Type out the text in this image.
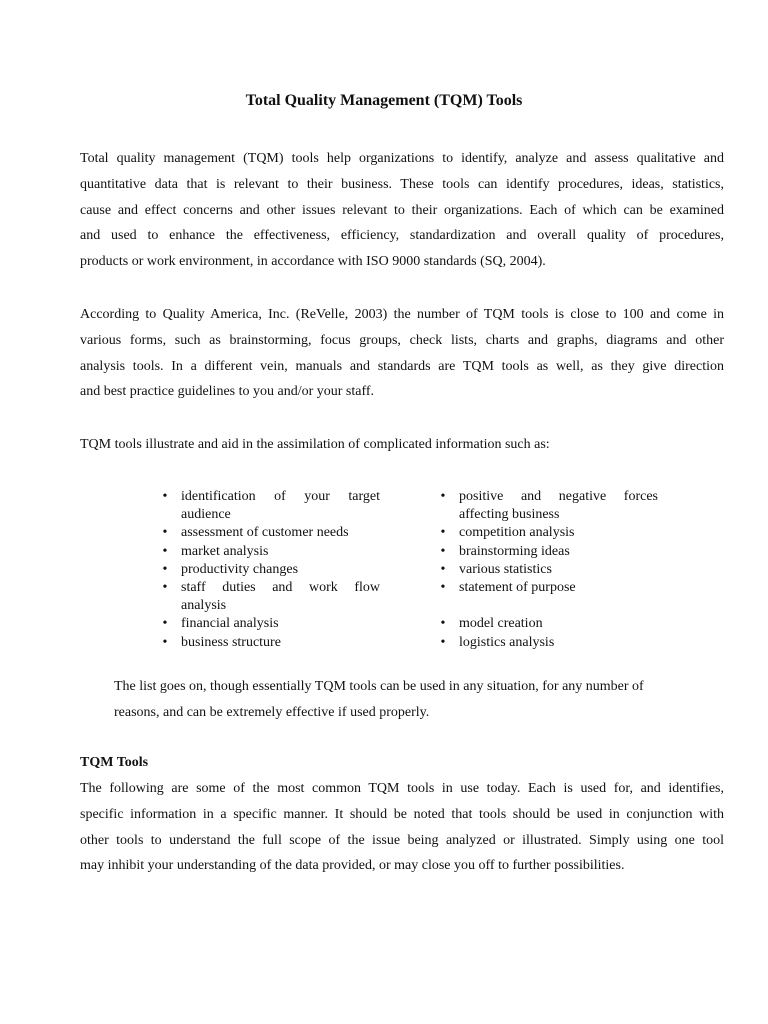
Total Quality Management (TQM) Tools

Total quality management (TQM) tools help organizations to identify, analyze and assess qualitative and
quantitative data that is relevant to their business. These tools can identify procedures, ideas, statistics,
cause and effect concerns and other issues relevant to their organizations. Each of which can be examined
and used to enhance the effectiveness, efficiency, standardization and overall quality of procedures,
products or work environment, in accordance with ISO 9000 standards (SQ, 2004).

According to Quality America, Inc. (ReVelle, 2003) the number of TQM tools is close to 100 and come in
various forms, such as brainstorming, focus groups, check lists, charts and graphs, diagrams and other
analysis tools. In a different vein, manuals and standards are TQM tools as well, as they give direction
and best practice guidelines to you and/or your staff.

TQM tools illustrate and aid in the assimilation of complicated information such as:

• identification of your target
audience
• assessment of customer needs
• market analysis
• productivity changes
• staff duties and work flow
analysis
• financial analysis
• business structure
• positive and negative forces
affecting business
• competition analysis
• brainstorming ideas
• various statistics
• statement of purpose
• model creation
• logistics analysis

The list goes on, though essentially TQM tools can be used in any situation, for any number of
reasons, and can be extremely effective if used properly.

TQM Tools

The following are some of the most common TQM tools in use today. Each is used for, and identifies,
specific information in a specific manner. It should be noted that tools should be used in conjunction with
other tools to understand the full scope of the issue being analyzed or illustrated. Simply using one tool
may inhibit your understanding of the data provided, or may close you off to further possibilities.
